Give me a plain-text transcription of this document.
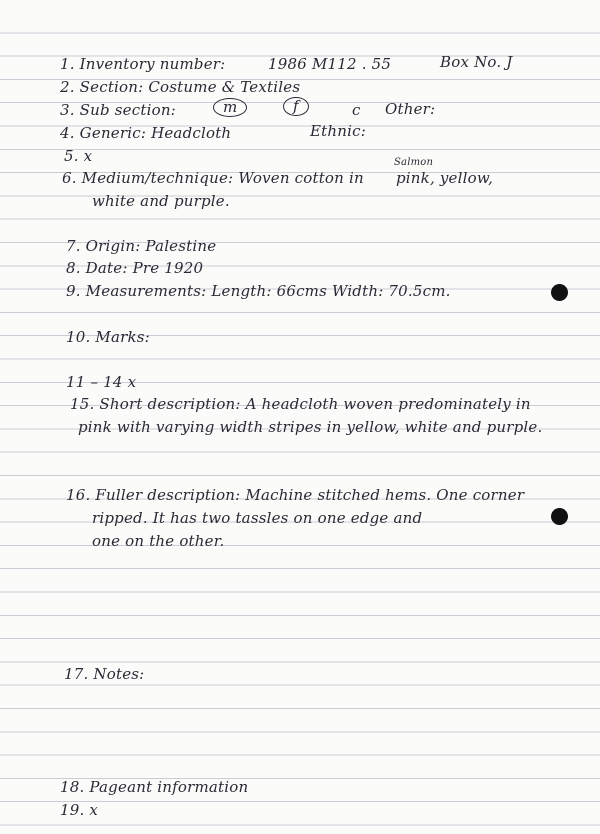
1. Inventory number:	1986 M112 . 55	Box No. J
2. Section: Costume & Textiles
3. Sub section:	m	f	c Other:
4. Generic: Headcloth	Ethnic:
5. x
6. Medium/technique: Woven cotton in
Salmon
pink, yellow,
white and purple.
7. Origin: Palestine
8. Date: Pre 1920
9. Measurements: Length: 66cms Width: 70.5cm.
10. Marks:
11 – 14 x
15. Short description: A headcloth woven predominately in
pink with varying width stripes in yellow, white and purple.
16. Fuller description: Machine stitched hems. One corner
ripped. It has two tassles on one edge and
one on the other.
17. Notes:
18. Pageant information
19. x
